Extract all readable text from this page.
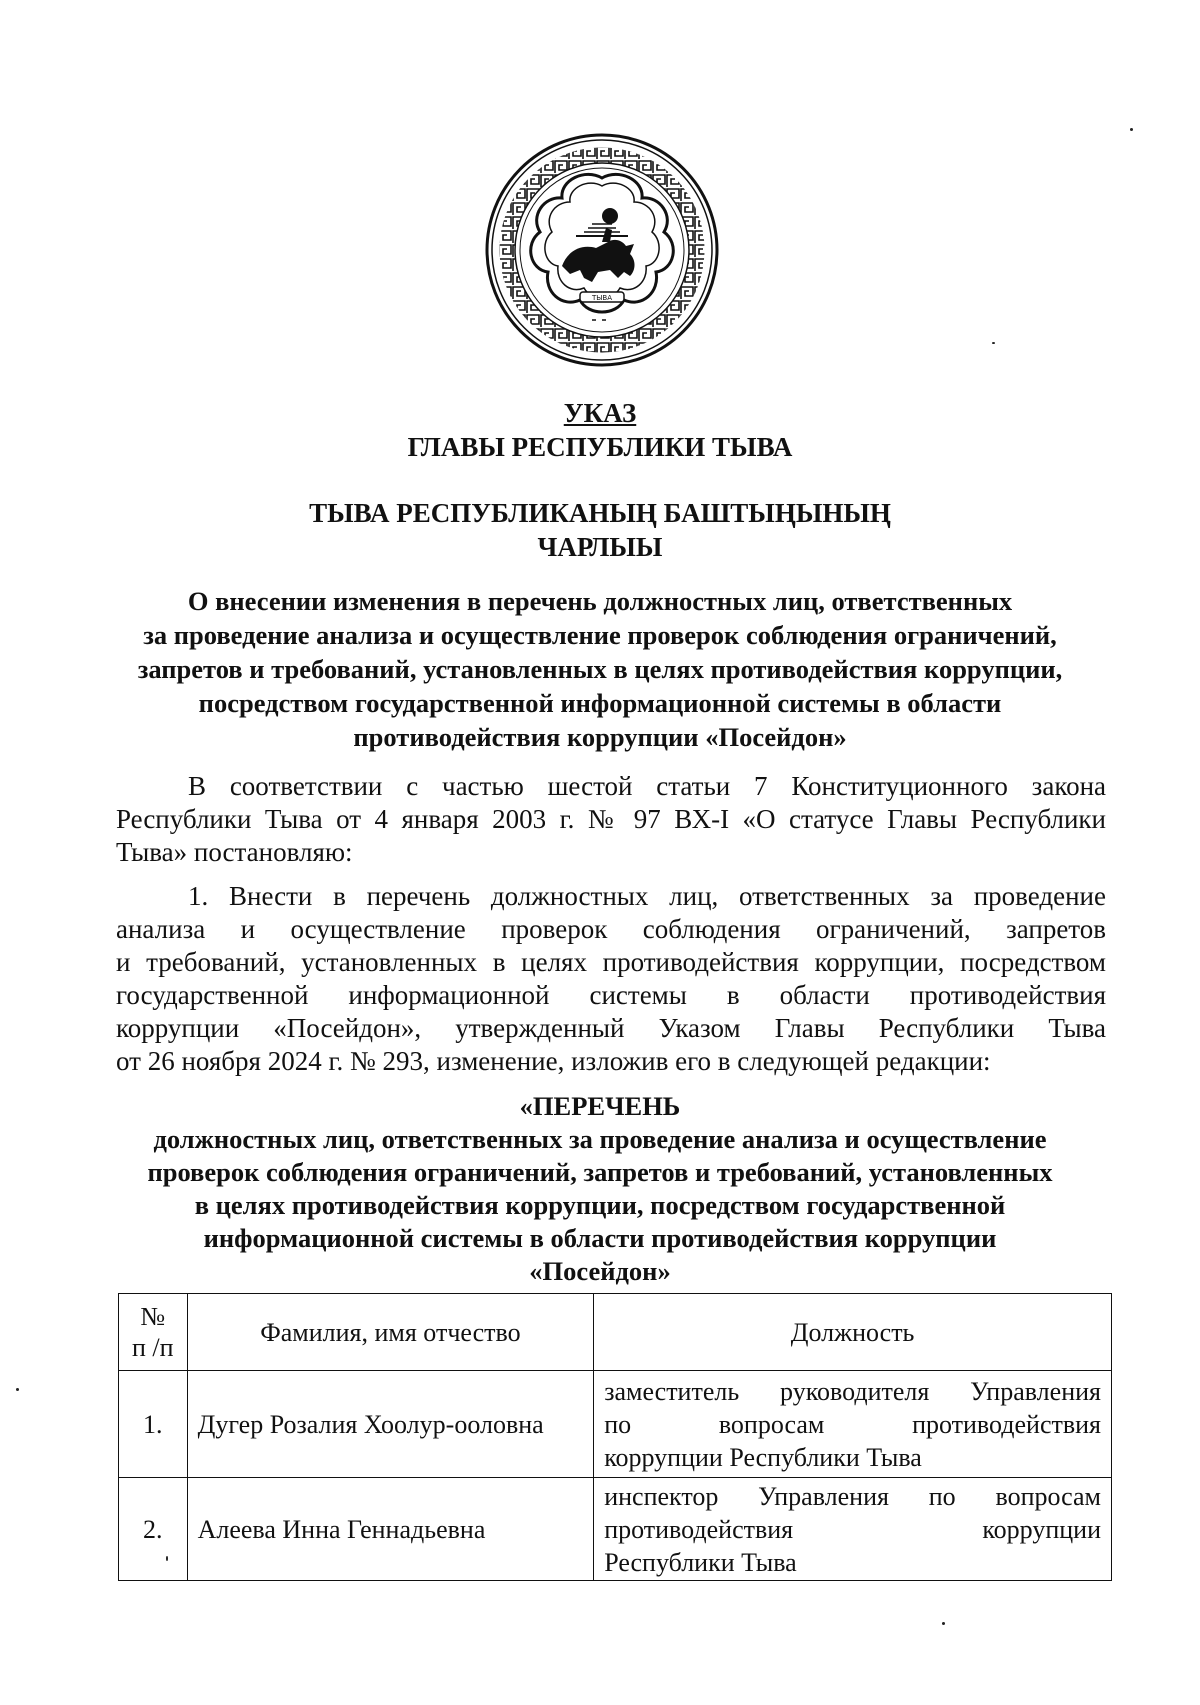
ТЫВА
УКАЗ
ГЛАВЫ РЕСПУБЛИКИ ТЫВА
ТЫВА РЕСПУБЛИКАНЫҢ БАШТЫҢЫНЫҢ
ЧАРЛЫЫ
О внесении изменения в перечень должностных лиц, ответственных
за проведение анализа и осуществление проверок соблюдения ограничений,
запретов и требований, установленных в целях противодействия коррупции,
посредством государственной информационной системы в области
противодействия коррупции «Посейдон»
В соответствии с частью шестой статьи 7 Конституционного закона
Республики Тыва от 4 января 2003 г. № 97 ВХ-I «О статусе Главы Республики
Тыва» постановляю:
1. Внести в перечень должностных лиц, ответственных за проведение
анализа и осуществление проверок соблюдения ограничений, запретов
и требований, установленных в целях противодействия коррупции, посредством
государственной информационной системы в области противодействия
коррупции «Посейдон», утвержденный Указом Главы Республики Тыва
от 26 ноября 2024 г. № 293, изменение, изложив его в следующей редакции:
«ПЕРЕЧЕНЬ
должностных лиц, ответственных за проведение анализа и осуществление
проверок соблюдения ограничений, запретов и требований, установленных
в целях противодействия коррупции, посредством государственной
информационной системы в области противодействия коррупции
«Посейдон»
№
п /п	Фамилия, имя отчество	Должность
1.	Дугер Розалия Хоолур-ооловна	заместитель руководителя Управления
по вопросам противодействия
коррупции Республики Тыва

2.	Алеева Инна Геннадьевна	инспектор Управления по вопросам
противодействия коррупции
Республики Тыва
